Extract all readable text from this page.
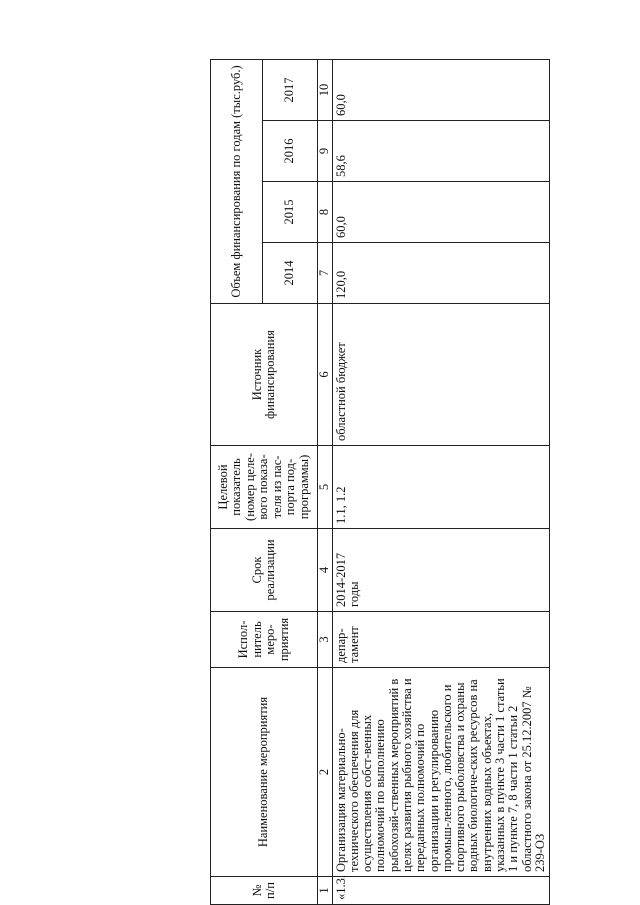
№ п/п	Наименование мероприятия	Испол-нитель меро-приятия	Срок реализации	Целевой показатель (номер целе-вого показа-теля из пас-порта под-программы)	Источник финансирования	Объем финансирования по годам (тыс.руб.)			
						2014	2015	2016	2017
1	2	3	4	5	6	7	8	9	10
«1.3.	Организация материально-технического обеспечения для осуществления собст-венных полномочий по выполнению рыбохозяй-ственных мероприятий в целях развития рыбного хозяйства и переданных полномочий по организации и регулированию промыш-ленного, любительского и спортивного рыболовства и охраны водных биологиче-ских ресурсов на внутренних водных объектах, указанных в пункте 3 части 1 статьи 1 и пункте 7, 8 части 1 статьи 2 областного закона от 25.12.2007 № 239-ОЗ	депар-тамент	2014-2017 годы	1.1, 1.2	областной бюджет	120,0	60,0	58,6	60,0
